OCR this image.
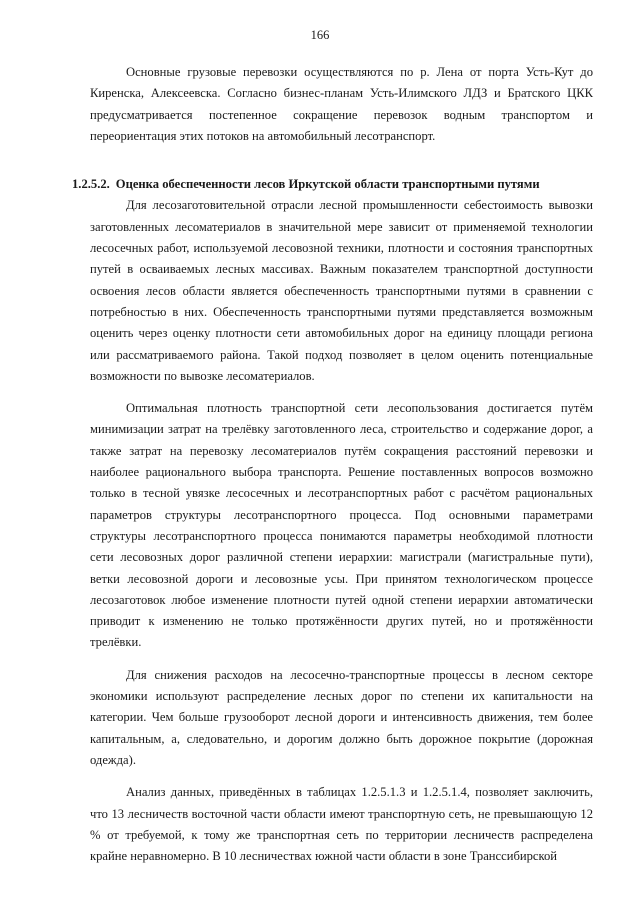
166

Основные грузовые перевозки осуществляются по р. Лена от порта Усть-Кут до Киренска, Алексеевска. Согласно бизнес-планам Усть-Илимского ЛДЗ и Братского ЦКК предусматривается постепенное сокращение перевозок водным транспортом и переориентация этих потоков на автомобильный лесотранспорт.

1.2.5.2. Оценка обеспеченности лесов Иркутской области транспортными путями

Для лесозаготовительной отрасли лесной промышленности себестоимость вывозки заготовленных лесоматериалов в значительной мере зависит от применяемой технологии лесосечных работ, используемой лесовозной техники, плотности и состояния транспортных путей в осваиваемых лесных массивах. Важным показателем транспортной доступности освоения лесов области является обеспеченность транспортными путями в сравнении с потребностью в них. Обеспеченность транспортными путями представляется возможным оценить через оценку плотности сети автомобильных дорог на единицу площади региона или рассматриваемого района. Такой подход позволяет в целом оценить потенциальные возможности по вывозке лесоматериалов.

Оптимальная плотность транспортной сети лесопользования достигается путём минимизации затрат на трелёвку заготовленного леса, строительство и содержание дорог, а также затрат на перевозку лесоматериалов путём сокращения расстояний перевозки и наиболее рационального выбора транспорта. Решение поставленных вопросов возможно только в тесной увязке лесосечных и лесотранспортных работ с расчётом рациональных параметров структуры лесотранспортного процесса. Под основными параметрами структуры лесотранспортного процесса понимаются параметры необходимой плотности сети лесовозных дорог различной степени иерархии: магистрали (магистральные пути), ветки лесовозной дороги и лесовозные усы. При принятом технологическом процессе лесозаготовок любое изменение плотности путей одной степени иерархии автоматически приводит к изменению не только протяжённости других путей, но и протяжённости трелёвки.

Для снижения расходов на лесосечно-транспортные процессы в лесном секторе экономики используют распределение лесных дорог по степени их капитальности на категории. Чем больше грузооборот лесной дороги и интенсивность движения, тем более капитальным, а, следовательно, и дорогим должно быть дорожное покрытие (дорожная одежда).

Анализ данных, приведённых в таблицах 1.2.5.1.3 и 1.2.5.1.4, позволяет заключить, что 13 лесничеств восточной части области имеют транспортную сеть, не превышающую 12 % от требуемой, к тому же транспортная сеть по территории лесничеств распределена крайне неравномерно. В 10 лесничествах южной части области в зоне Транссибирской
